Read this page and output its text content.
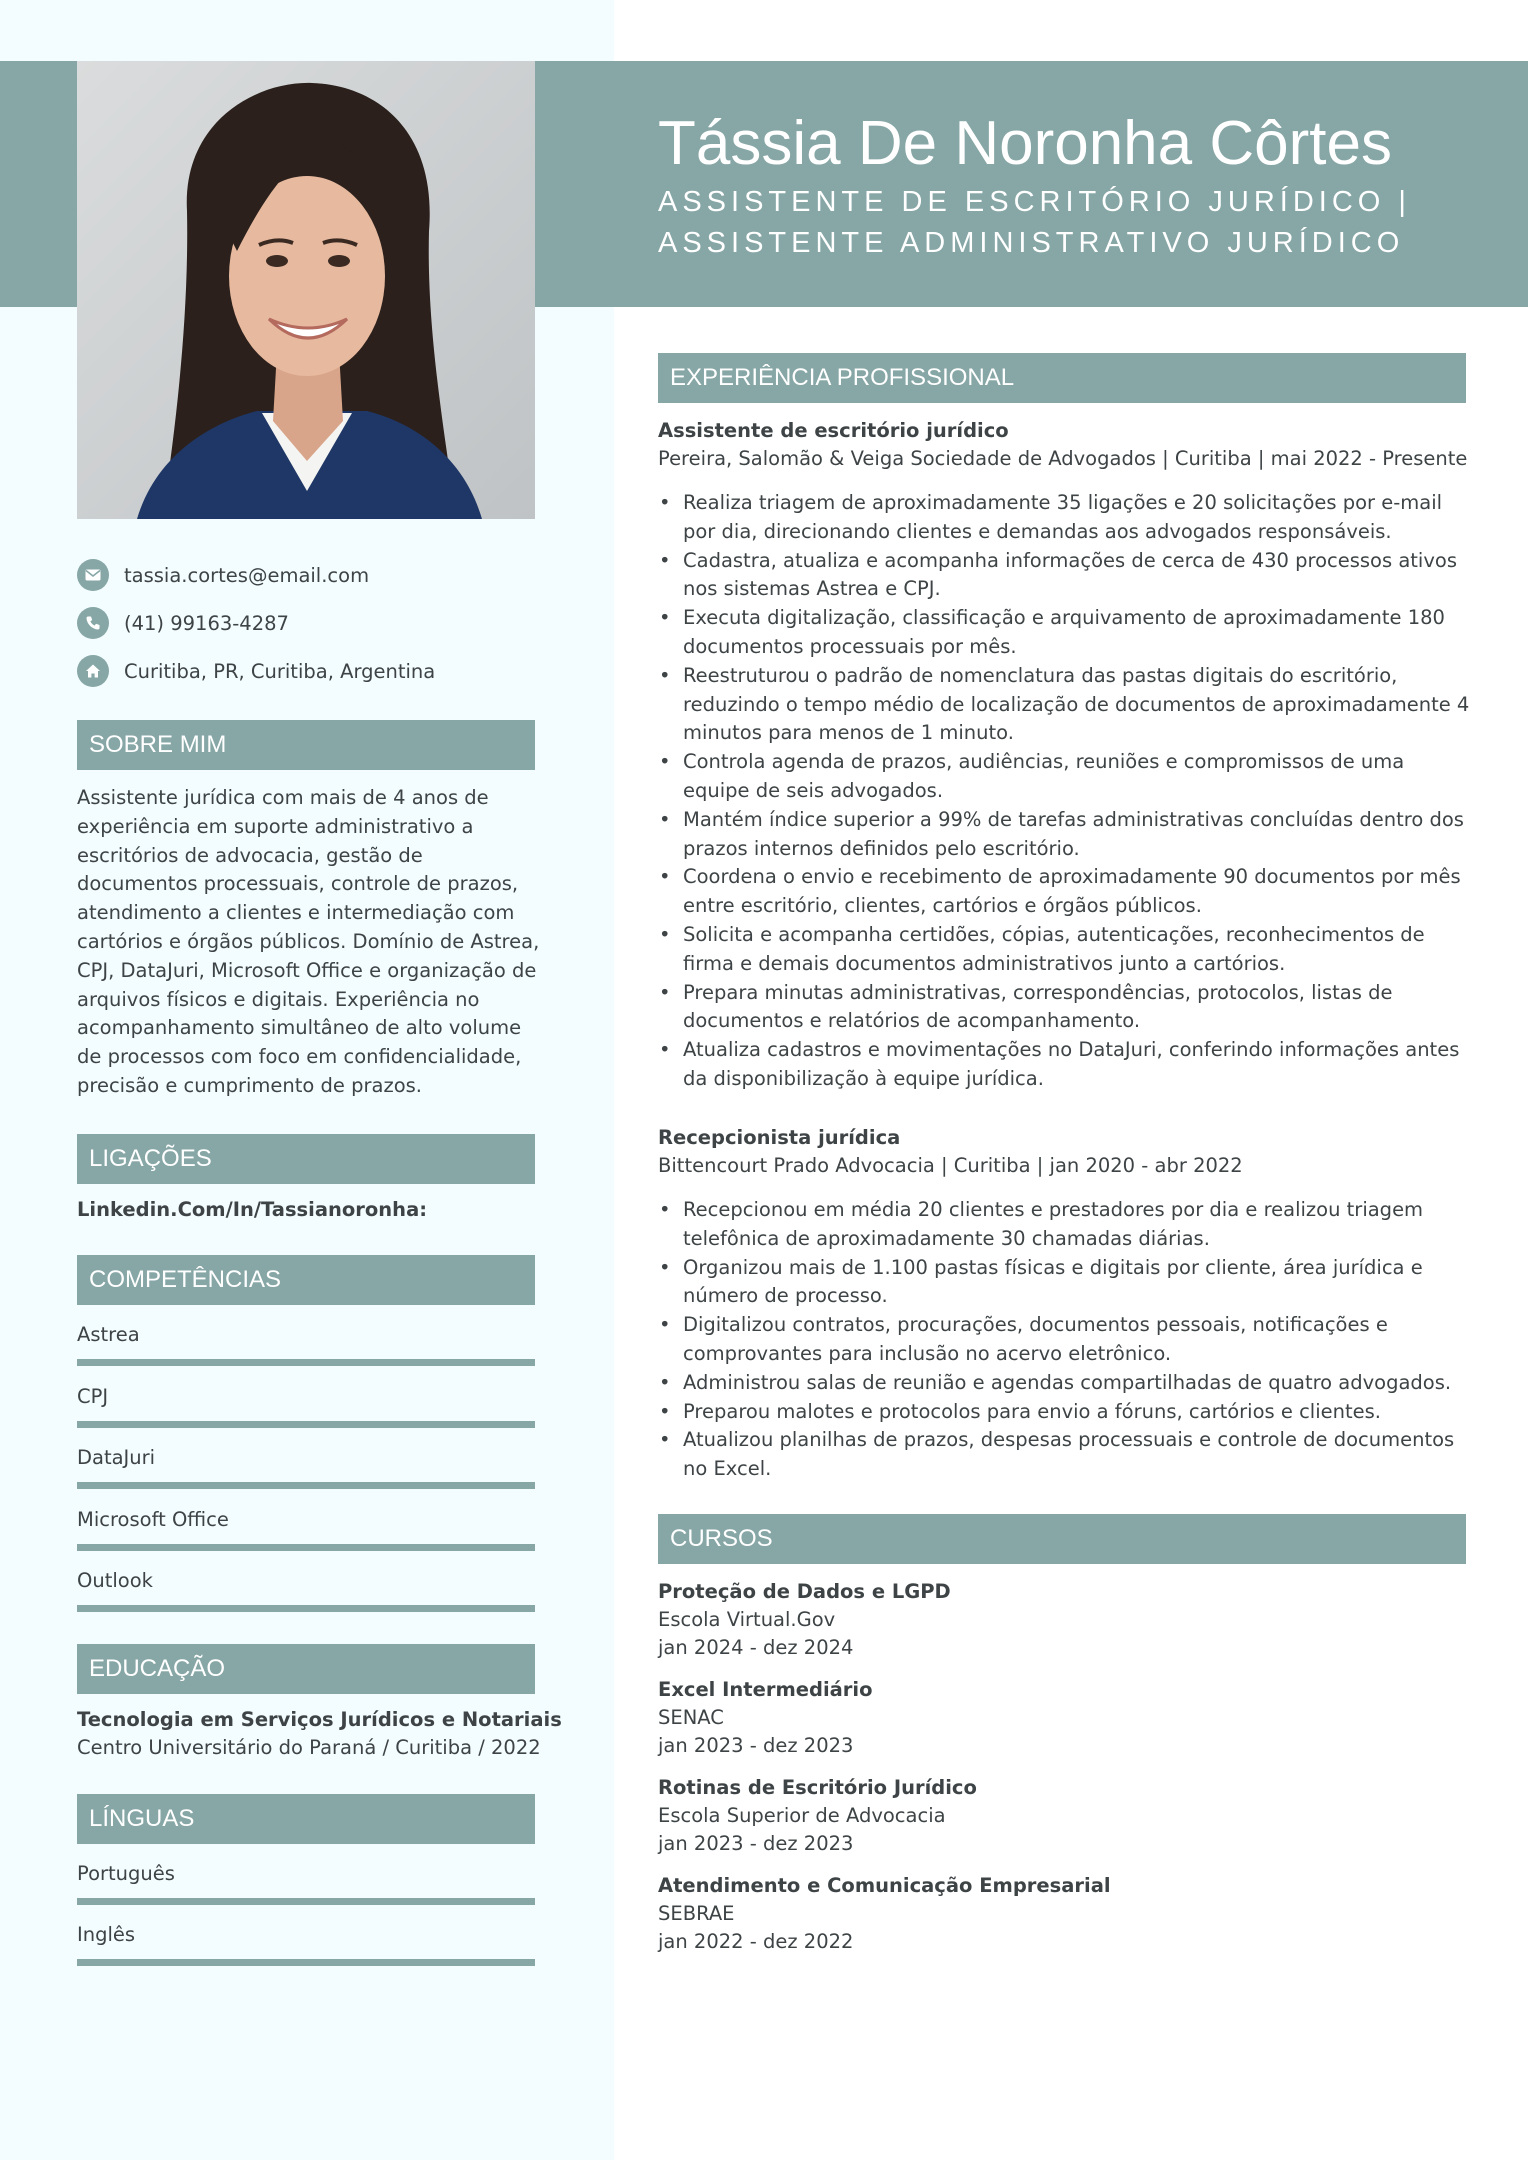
Tássia De Noronha Côrtes
ASSISTENTE DE ESCRITÓRIO JURÍDICO |
ASSISTENTE ADMINISTRATIVO JURÍDICO
tassia.cortes@email.com
(41) 99163-4287
Curitiba, PR, Curitiba, Argentina
SOBRE MIM
Assistente jurídica com mais de 4 anos de experiência em suporte administrativo a escritórios de advocacia, gestão de documentos processuais, controle de prazos, atendimento a clientes e intermediação com cartórios e órgãos públicos. Domínio de Astrea, CPJ, DataJuri, Microsoft Office e organização de arquivos físicos e digitais. Experiência no acompanhamento simultâneo de alto volume de processos com foco em confidencialidade, precisão e cumprimento de prazos.
LIGAÇÕES
Linkedin.Com/In/Tassianoronha:
COMPETÊNCIAS
Astrea
CPJ
DataJuri
Microsoft Office
Outlook
EDUCAÇÃO
Tecnologia em Serviços Jurídicos e Notariais
Centro Universitário do Paraná / Curitiba / 2022
LÍNGUAS
Português
Inglês
EXPERIÊNCIA PROFISSIONAL
Assistente de escritório jurídico
Pereira, Salomão & Veiga Sociedade de Advogados | Curitiba | mai 2022 - Presente
• Realiza triagem de aproximadamente 35 ligações e 20 solicitações por e-mail por dia, direcionando clientes e demandas aos advogados responsáveis.
• Cadastra, atualiza e acompanha informações de cerca de 430 processos ativos nos sistemas Astrea e CPJ.
• Executa digitalização, classificação e arquivamento de aproximadamente 180 documentos processuais por mês.
• Reestruturou o padrão de nomenclatura das pastas digitais do escritório, reduzindo o tempo médio de localização de documentos de aproximadamente 4 minutos para menos de 1 minuto.
• Controla agenda de prazos, audiências, reuniões e compromissos de uma equipe de seis advogados.
• Mantém índice superior a 99% de tarefas administrativas concluídas dentro dos prazos internos definidos pelo escritório.
• Coordena o envio e recebimento de aproximadamente 90 documentos por mês entre escritório, clientes, cartórios e órgãos públicos.
• Solicita e acompanha certidões, cópias, autenticações, reconhecimentos de firma e demais documentos administrativos junto a cartórios.
• Prepara minutas administrativas, correspondências, protocolos, listas de documentos e relatórios de acompanhamento.
• Atualiza cadastros e movimentações no DataJuri, conferindo informações antes da disponibilização à equipe jurídica.
Recepcionista jurídica
Bittencourt Prado Advocacia | Curitiba | jan 2020 - abr 2022
• Recepcionou em média 20 clientes e prestadores por dia e realizou triagem telefônica de aproximadamente 30 chamadas diárias.
• Organizou mais de 1.100 pastas físicas e digitais por cliente, área jurídica e número de processo.
• Digitalizou contratos, procurações, documentos pessoais, notificações e comprovantes para inclusão no acervo eletrônico.
• Administrou salas de reunião e agendas compartilhadas de quatro advogados.
• Preparou malotes e protocolos para envio a fóruns, cartórios e clientes.
• Atualizou planilhas de prazos, despesas processuais e controle de documentos no Excel.
CURSOS
Proteção de Dados e LGPD
Escola Virtual.Gov
jan 2024 - dez 2024
Excel Intermediário
SENAC
jan 2023 - dez 2023
Rotinas de Escritório Jurídico
Escola Superior de Advocacia
jan 2023 - dez 2023
Atendimento e Comunicação Empresarial
SEBRAE
jan 2022 - dez 2022
